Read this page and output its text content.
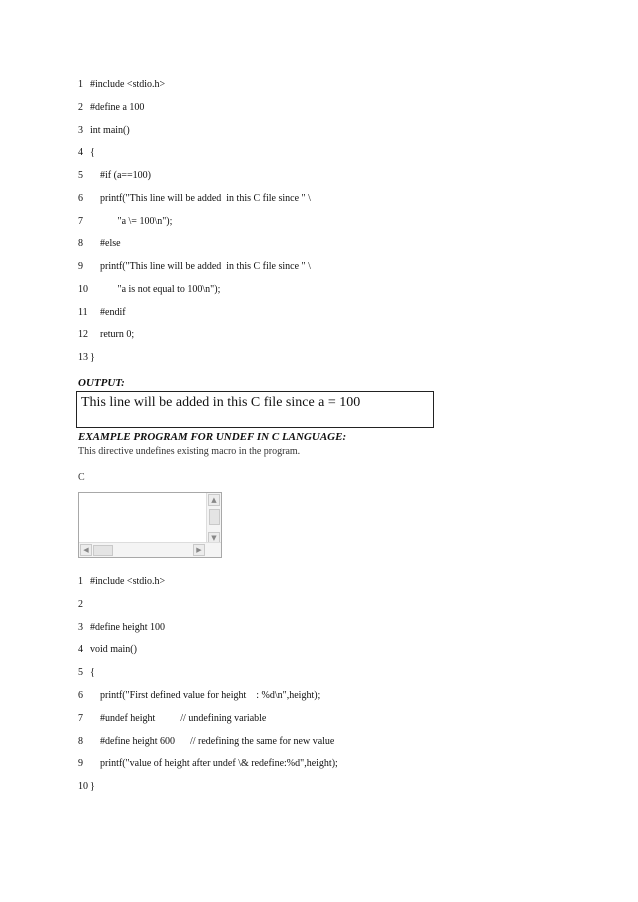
1 #include <stdio.h>
2 #define a 100
3 int main()
4 {
5 #if (a==100)
6 printf("This line will be added  in this C file since " \
7 "a \= 100\n");
8 #else
9 printf("This line will be added  in this C file since " \
10 "a is not equal to 100\n");
11 #endif
12 return 0;
13 }
OUTPUT:
This line will be added in this C file since a = 100
EXAMPLE PROGRAM FOR UNDEF IN C LANGUAGE:
This directive undefines existing macro in the program.
C
▲
▼
◀	▶
1 #include <stdio.h>
2
3 #define height 100
4 void main()
5 {
6 printf("First defined value for height    : %d\n",height);
7 #undef height          // undefining variable
8 #define height 600      // redefining the same for new value
9 printf("value of height after undef \& redefine:%d",height);
10 }
